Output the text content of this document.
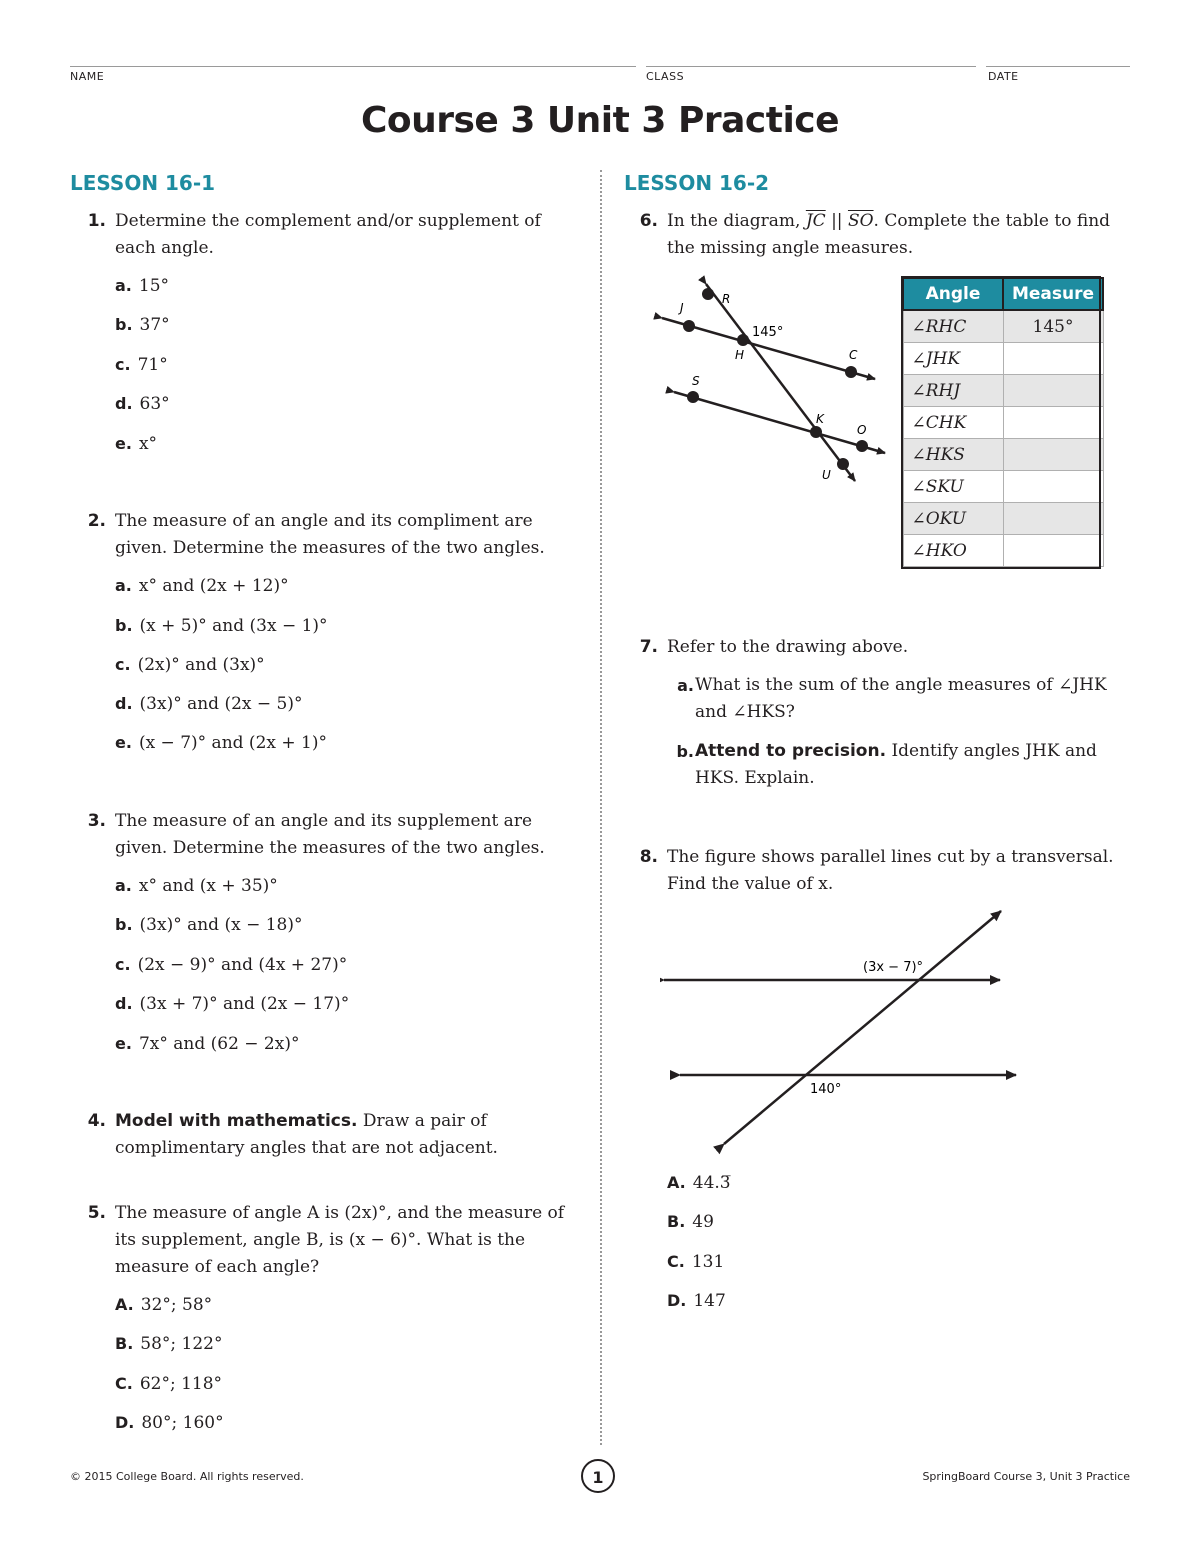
NAME	CLASS	DATE
Course 3 Unit 3 Practice
LESSON 16-1
1. Determine the complement and/or supplement of each angle.
a. 15°
b. 37°
c. 71°
d. 63°
e. x°
2. The measure of an angle and its compliment are given. Determine the measures of the two angles.
a. x° and (2x + 12)°
b. (x + 5)° and (3x − 1)°
c. (2x)° and (3x)°
d. (3x)° and (2x − 5)°
e. (x − 7)° and (2x + 1)°
3. The measure of an angle and its supplement are given. Determine the measures of the two angles.
a. x° and (x + 35)°
b. (3x)° and (x − 18)°
c. (2x − 9)° and (4x + 27)°
d. (3x + 7)° and (2x − 17)°
e. 7x° and (62 − 2x)°
4. Model with mathematics. Draw a pair of complimentary angles that are not adjacent.
5. The measure of angle A is (2x)°, and the measure of its supplement, angle B, is (x − 6)°. What is the measure of each angle?
A. 32°; 58°
B. 58°; 122°
C. 62°; 118°
D. 80°; 160°
LESSON 16-2
6. In the diagram, $\overline{JC}$ || $\overline{SO}$. Complete the table to find the missing angle measures.
145°
J
R
H	C
S
K
O
U
Angle	Measure
∠RHC	145°
∠JHK	
∠RHJ	
∠CHK	
∠HKS	
∠SKU	
∠OKU	
∠HKO	
7. Refer to the drawing above.
a. What is the sum of the angle measures of ∠JHK and ∠HKS?
b. Attend to precision. Identify angles JHK and HKS. Explain.
8. The figure shows parallel lines cut by a transversal. Find the value of x.
(3x − 7)°
140°
A. 44.3̅
B. 49
C. 131
D. 147
© 2015 College Board. All rights reserved.	1	SpringBoard Course 3, Unit 3 Practice
